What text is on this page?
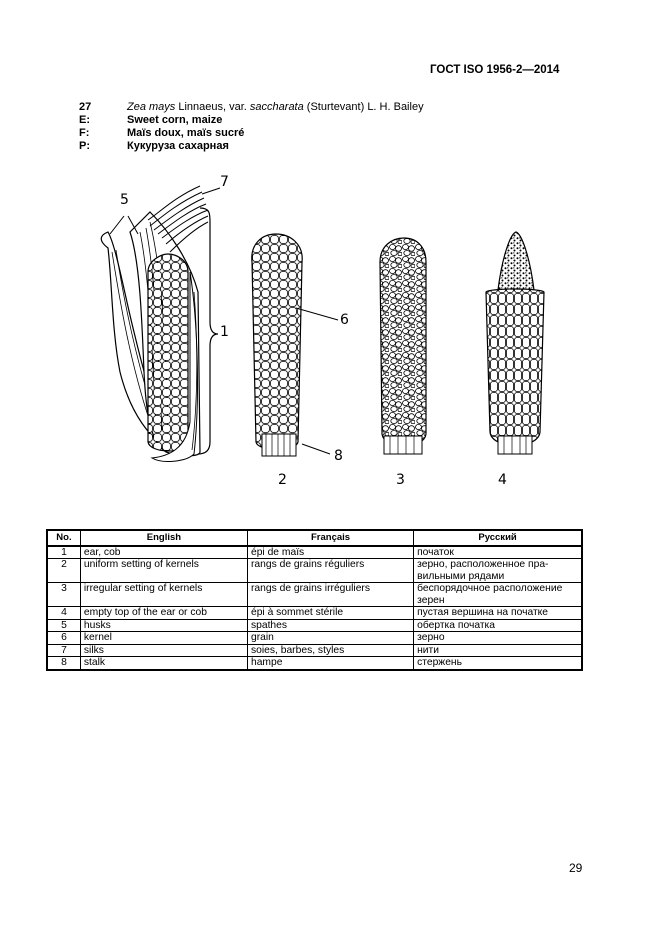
ГОСТ ISO 1956-2—2014
27	Zea mays Linnaeus, var. saccharata (Sturtevant) L. H. Bailey
E:	Sweet corn, maize
F:	Maïs doux, maïs sucré
P:	Кукуруза сахарная
7
5
1
6
8
2	3	4
No.	English	Français	Русский
1	ear, cob	épi de maïs	початок
2	uniform setting of kernels	rangs de grains réguliers	зерно, расположенное пра-вильными рядами
3	irregular setting of kernels	rangs de grains irréguliers	беспорядочное расположение зерен
4	empty top of the ear or cob	épi à sommet stérile	пустая вершина на початке
5	husks	spathes	обертка початка
6	kernel	grain	зерно
7	silks	soies, barbes, styles	нити
8	stalk	hampe	стержень
29
